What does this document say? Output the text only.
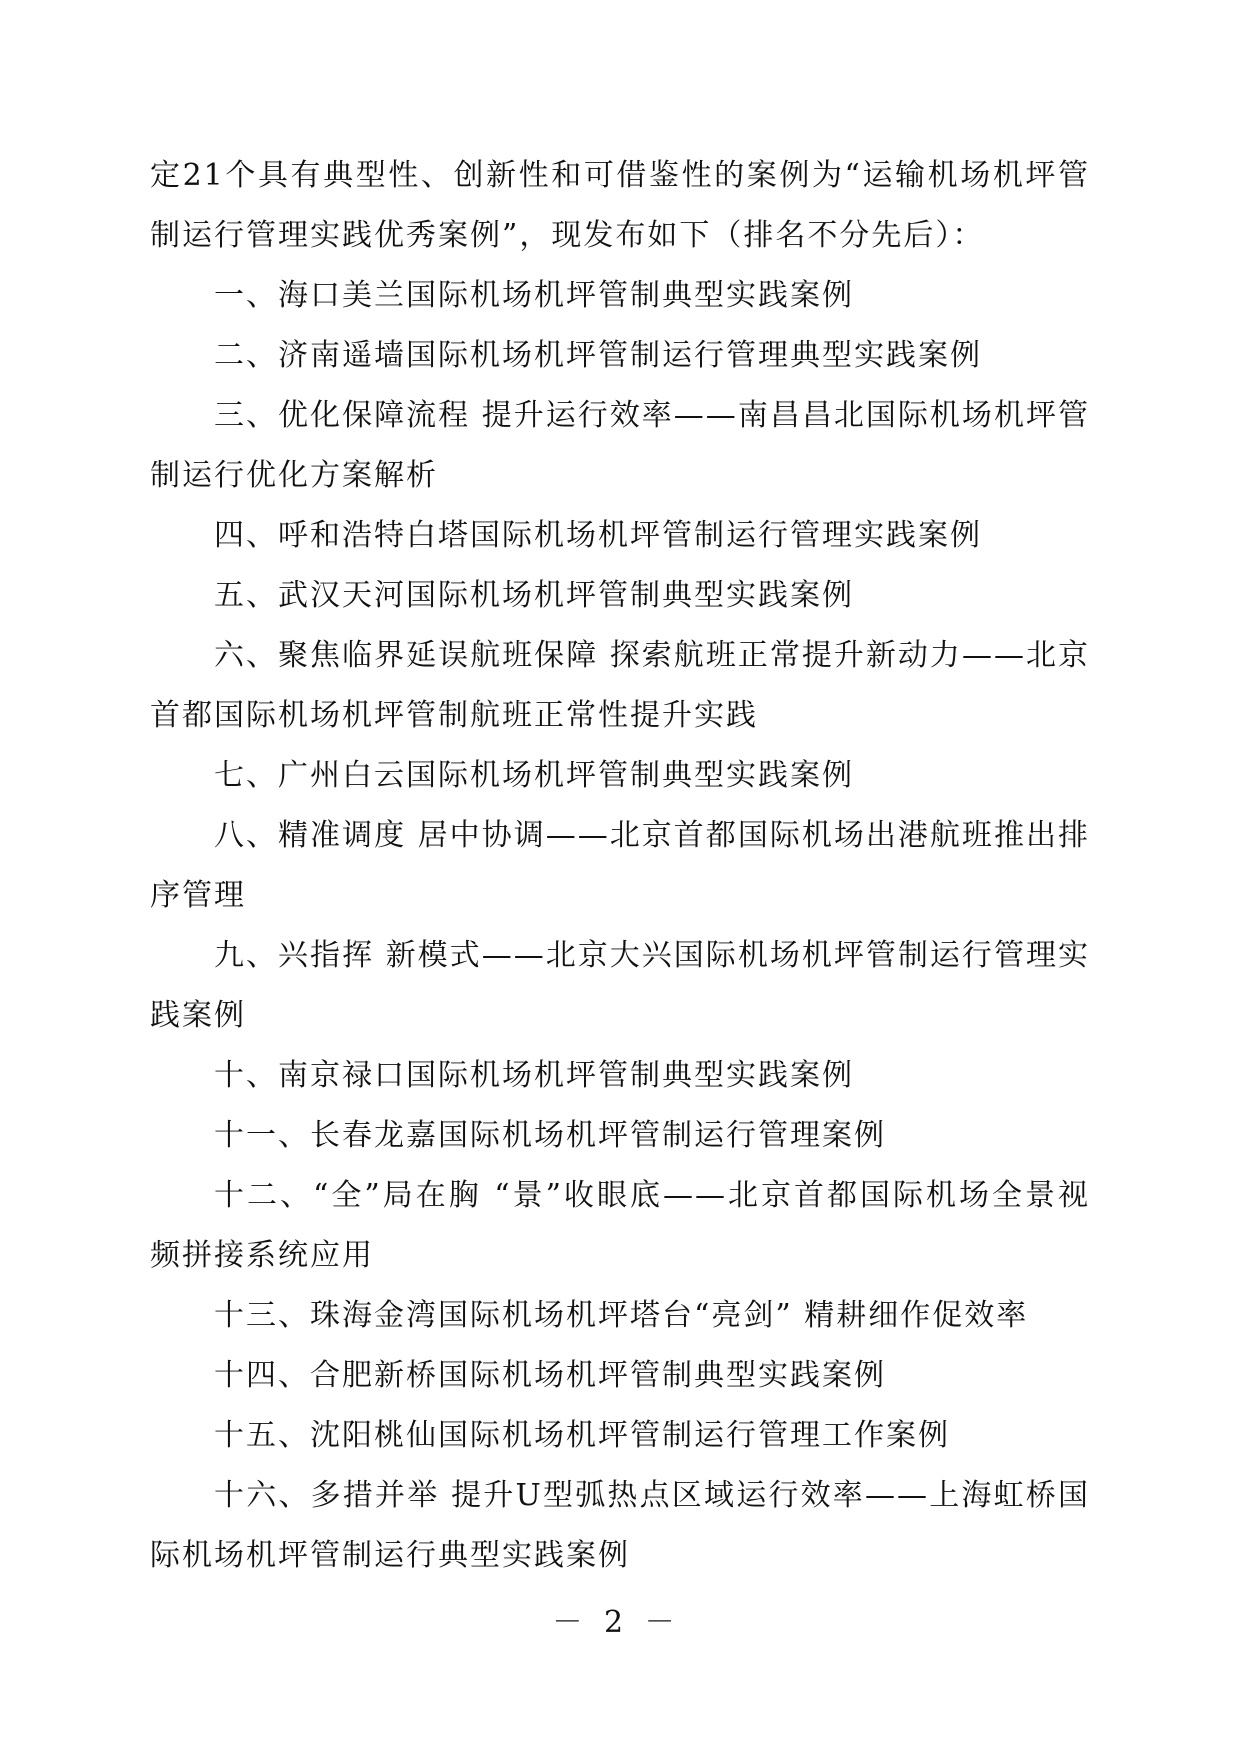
定21个具有典型性、创新性和可借鉴性的案例为“运输机场机坪管制运行管理实践优秀案例”，现发布如下（排名不分先后）：

一、海口美兰国际机场机坪管制典型实践案例

二、济南遥墙国际机场机坪管制运行管理典型实践案例

三、优化保障流程 提升运行效率——南昌昌北国际机场机坪管制运行优化方案解析

四、呼和浩特白塔国际机场机坪管制运行管理实践案例

五、武汉天河国际机场机坪管制典型实践案例

六、聚焦临界延误航班保障 探索航班正常提升新动力——北京首都国际机场机坪管制航班正常性提升实践

七、广州白云国际机场机坪管制典型实践案例

八、精准调度 居中协调——北京首都国际机场出港航班推出排序管理

九、兴指挥 新模式——北京大兴国际机场机坪管制运行管理实践案例

十、南京禄口国际机场机坪管制典型实践案例

十一、长春龙嘉国际机场机坪管制运行管理案例

十二、“全”局在胸 “景”收眼底——北京首都国际机场全景视频拼接系统应用

十三、珠海金湾国际机场机坪塔台“亮剑” 精耕细作促效率

十四、合肥新桥国际机场机坪管制典型实践案例

十五、沈阳桃仙国际机场机坪管制运行管理工作案例

十六、多措并举 提升U型弧热点区域运行效率——上海虹桥国际机场机坪管制运行典型实践案例

－ 2 －
